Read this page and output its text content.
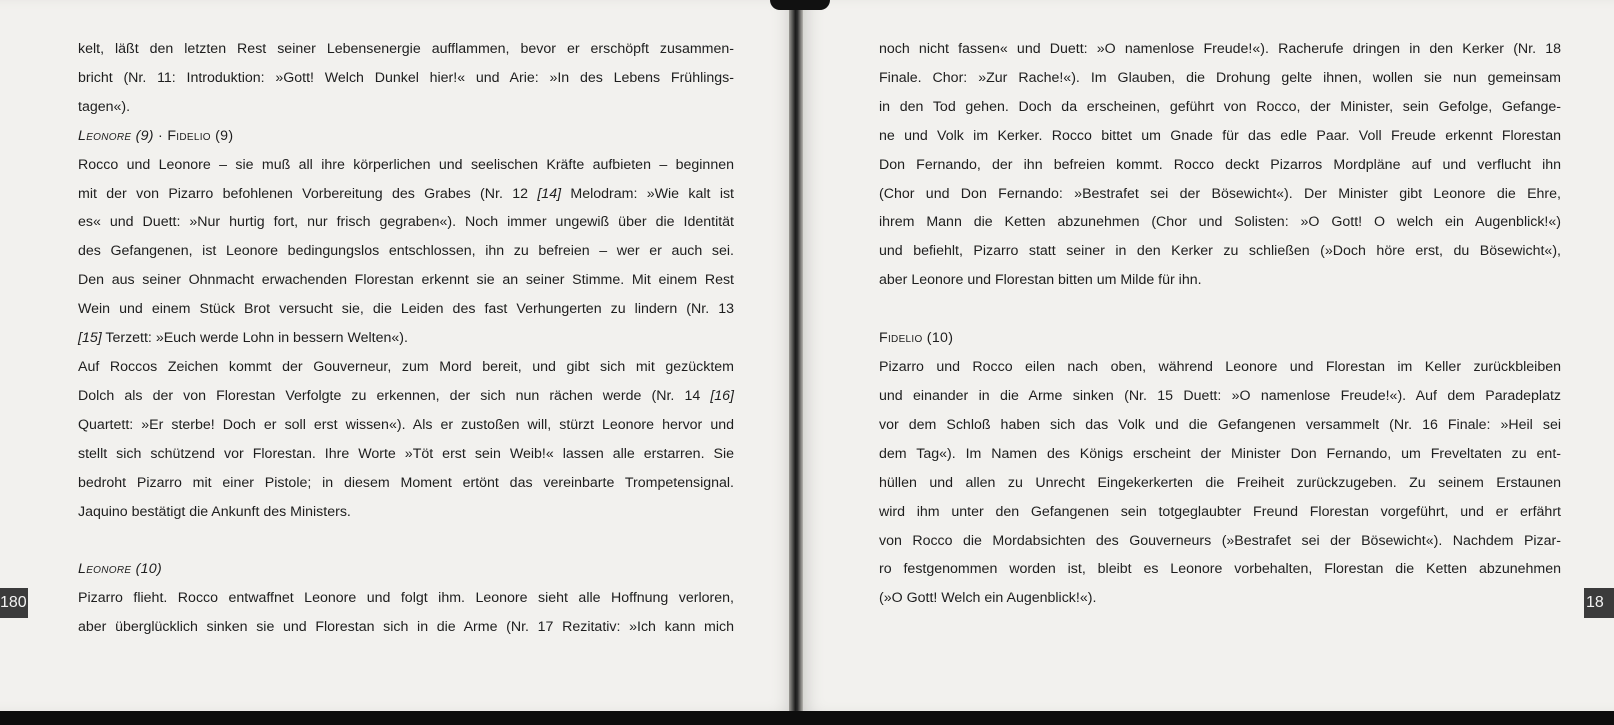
kelt, läßt den letzten Rest seiner Lebensenergie aufflammen, bevor er erschöpft zusammen-
bricht (Nr. 11: Introduktion: »Gott! Welch Dunkel hier!« und Arie: »In des Lebens Frühlings-
tagen«).
Leonore (9) · Fidelio (9)
Rocco und Leonore – sie muß all ihre körperlichen und seelischen Kräfte aufbieten – beginnen
mit der von Pizarro befohlenen Vorbereitung des Grabes (Nr. 12 [14] Melodram: »Wie kalt ist
es« und Duett: »Nur hurtig fort, nur frisch gegraben«). Noch immer ungewiß über die Identität
des Gefangenen, ist Leonore bedingungslos entschlossen, ihn zu befreien – wer er auch sei.
Den aus seiner Ohnmacht erwachenden Florestan erkennt sie an seiner Stimme. Mit einem Rest
Wein und einem Stück Brot versucht sie, die Leiden des fast Verhungerten zu lindern (Nr. 13
[15] Terzett: »Euch werde Lohn in bessern Welten«).
Auf Roccos Zeichen kommt der Gouverneur, zum Mord bereit, und gibt sich mit gezücktem
Dolch als der von Florestan Verfolgte zu erkennen, der sich nun rächen werde (Nr. 14 [16]
Quartett: »Er sterbe! Doch er soll erst wissen«). Als er zustoßen will, stürzt Leonore hervor und
stellt sich schützend vor Florestan. Ihre Worte »Töt erst sein Weib!« lassen alle erstarren. Sie
bedroht Pizarro mit einer Pistole; in diesem Moment ertönt das vereinbarte Trompetensignal.
Jaquino bestätigt die Ankunft des Ministers.
Leonore (10)
Pizarro flieht. Rocco entwaffnet Leonore und folgt ihm. Leonore sieht alle Hoffnung verloren,
aber überglücklich sinken sie und Florestan sich in die Arme (Nr. 17 Rezitativ: »Ich kann mich
180
noch nicht fassen« und Duett: »O namenlose Freude!«). Racherufe dringen in den Kerker (Nr. 18
Finale. Chor: »Zur Rache!«). Im Glauben, die Drohung gelte ihnen, wollen sie nun gemeinsam
in den Tod gehen. Doch da erscheinen, geführt von Rocco, der Minister, sein Gefolge, Gefange-
ne und Volk im Kerker. Rocco bittet um Gnade für das edle Paar. Voll Freude erkennt Florestan
Don Fernando, der ihn befreien kommt. Rocco deckt Pizarros Mordpläne auf und verflucht ihn
(Chor und Don Fernando: »Bestrafet sei der Bösewicht«). Der Minister gibt Leonore die Ehre,
ihrem Mann die Ketten abzunehmen (Chor und Solisten: »O Gott! O welch ein Augenblick!«)
und befiehlt, Pizarro statt seiner in den Kerker zu schließen (»Doch höre erst, du Bösewicht«),
aber Leonore und Florestan bitten um Milde für ihn.
Fidelio (10)
Pizarro und Rocco eilen nach oben, während Leonore und Florestan im Keller zurückbleiben
und einander in die Arme sinken (Nr. 15 Duett: »O namenlose Freude!«). Auf dem Paradeplatz
vor dem Schloß haben sich das Volk und die Gefangenen versammelt (Nr. 16 Finale: »Heil sei
dem Tag«). Im Namen des Königs erscheint der Minister Don Fernando, um Freveltaten zu ent-
hüllen und allen zu Unrecht Eingekerkerten die Freiheit zurückzugeben. Zu seinem Erstaunen
wird ihm unter den Gefangenen sein totgeglaubter Freund Florestan vorgeführt, und er erfährt
von Rocco die Mordabsichten des Gouverneurs (»Bestrafet sei der Bösewicht«). Nachdem Pizar-
ro festgenommen worden ist, bleibt es Leonore vorbehalten, Florestan die Ketten abzunehmen
(»O Gott! Welch ein Augenblick!«).	18
